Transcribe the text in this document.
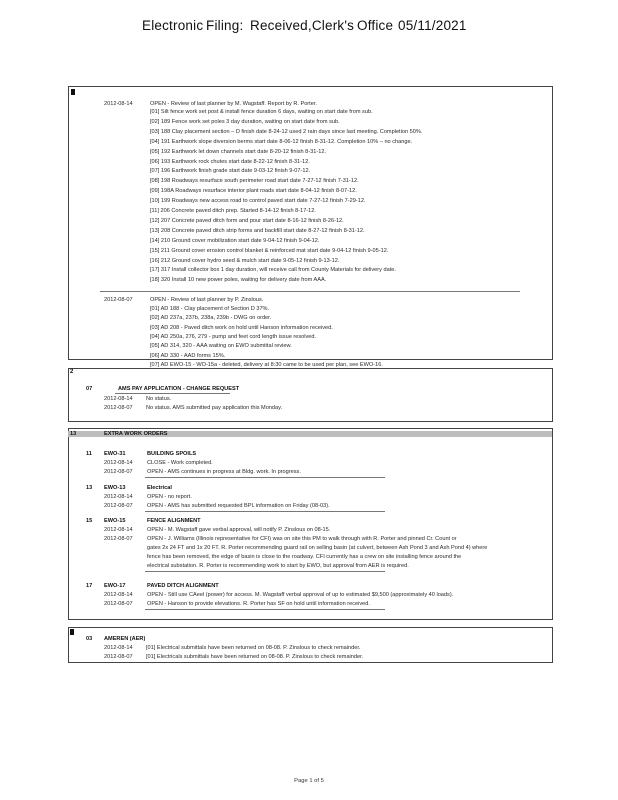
Electronic Filing: Received,Clerk's Office 05/11/2021
2012-08-14	OPEN - Review of last planner by M. Wagstaff. Report by R. Porter.
[01] Silt fence work set post & install fence duration 6 days, waiting on start date from sub.
[02] 189 Fence work set poles 3 day duration, waiting on start date from sub.
[03] 188 Clay placement section – D finish date 8-24-12 used 2 rain days since last meeting. Completion 50%.
[04] 191 Earthwork slope diversion berms start date 8-06-12 finish 8-31-12. Completion 10% – no change.
[05] 192 Earthwork let down channels start date 8-20-12 finish 8-31-12.
[06] 193 Earthwork rock chutes start date 8-22-12 finish 8-31-12.
[07] 196 Earthwork finish grade start date 9-03-12 finish 9-07-12.
[08] 198 Roadways resurface south perimeter road start date 7-27-12 finish 7-31-12.
[09] 198A Roadways resurface interior plant roads start date 8-04-12 finish 8-07-12.
[10] 199 Roadways new access road to control paved start date 7-27-12 finish 7-29-12.
[11] 206 Concrete paved ditch prep. Started 8-14-12 finish 8-17-12.
[12] 207 Concrete paved ditch form and pour start date 8-16-12 finish 8-26-12.
[13] 208 Concrete paved ditch strip forms and backfill start date 8-27-12 finish 8-31-12.
[14] 210 Ground cover mobilization start date 9-04-12 finish 9-04-12.
[15] 211 Ground cover erosion control blanket & reinforced mat start date 9-04-12 finish 9-05-12.
[16] 212 Ground cover hydro seed & mulch start date 9-05-12 finish 9-13-12.
[17] 317 Install collector box 1 day duration, will receive call from County Materials for delivery date.
[18] 320 Install 10 new power poles, waiting for delivery date from AAA.
2012-08-07	OPEN - Review of last planner by P. Zinslous.
[01] AD 188 - Clay placement of Section D 37%.
[02] AD 237a, 237b, 238a, 239b - DWG on order.
[03] AD 208 - Paved ditch work on hold until Hanson information received.
[04] AD 250a, 276, 279 - pump and feet cord length issue resolved.
[05] AD 314, 320 - AAA waiting on EWO submittal review.
[06] AD 330 - AAD forms 15%.
[07] AD EWO-15 - WO-15a - deleted, delivery at 8:30 came to be used per plan, see EWO-16.
2
07	AMS PAY APPLICATION - CHANGE REQUEST
2012-08-14 No status.
2012-08-07 No status. AMS submitted pay application this Monday.
13	EXTRA WORK ORDERS
11 EWO-31	BUILDING SPOILS
2012-08-14	CLOSE - Work completed.
2012-08-07	OPEN - AMS continues in progress at Bldg. work. In progress.
13 EWO-13	Electrical
2012-08-14	OPEN - no report.
2012-08-07	OPEN - AMS has submitted requested BPL information on Friday (08-03).
15 EWO-15	FENCE ALIGNMENT
2012-08-14	OPEN - M. Wagstaff gave verbal approval, will notify P. Zinslous on 08-15.
2012-08-07	OPEN - J. Williams (Illinois representative for CFI) was on site this PM to walk through with R. Porter and pinned Cr. Count or
gates 2x 24 FT and 1x 20 FT. R. Porter recommending guard rail on selling basin (at culvert, between Ash Pond 3 and Ash Pond 4) where
fence has been removed, the edge of basin is close to the roadway. CFI currently has a crew on site installing fence around the
electrical substation. R. Porter is recommending work to start by EWO, but approval from AER is required.
17 EWO-17	PAVED DITCH ALIGNMENT
2012-08-14	OPEN - Still use CAeel (power) for access. M. Wagstaff verbal approval of up to estimated $9,500 (approximately 40 loads).
2012-08-07	OPEN - Hanson to provide elevations. R. Porter has SF on hold until information received.
03 AMEREN (AER)
2012-08-14 [01] Electrical submittals have been returned on 08-08. P. Zinslous to check remainder.
2012-08-07 [01] Electricals submittals have been returned on 08-08. P. Zinslous to check remainder.
Page 1 of 5
